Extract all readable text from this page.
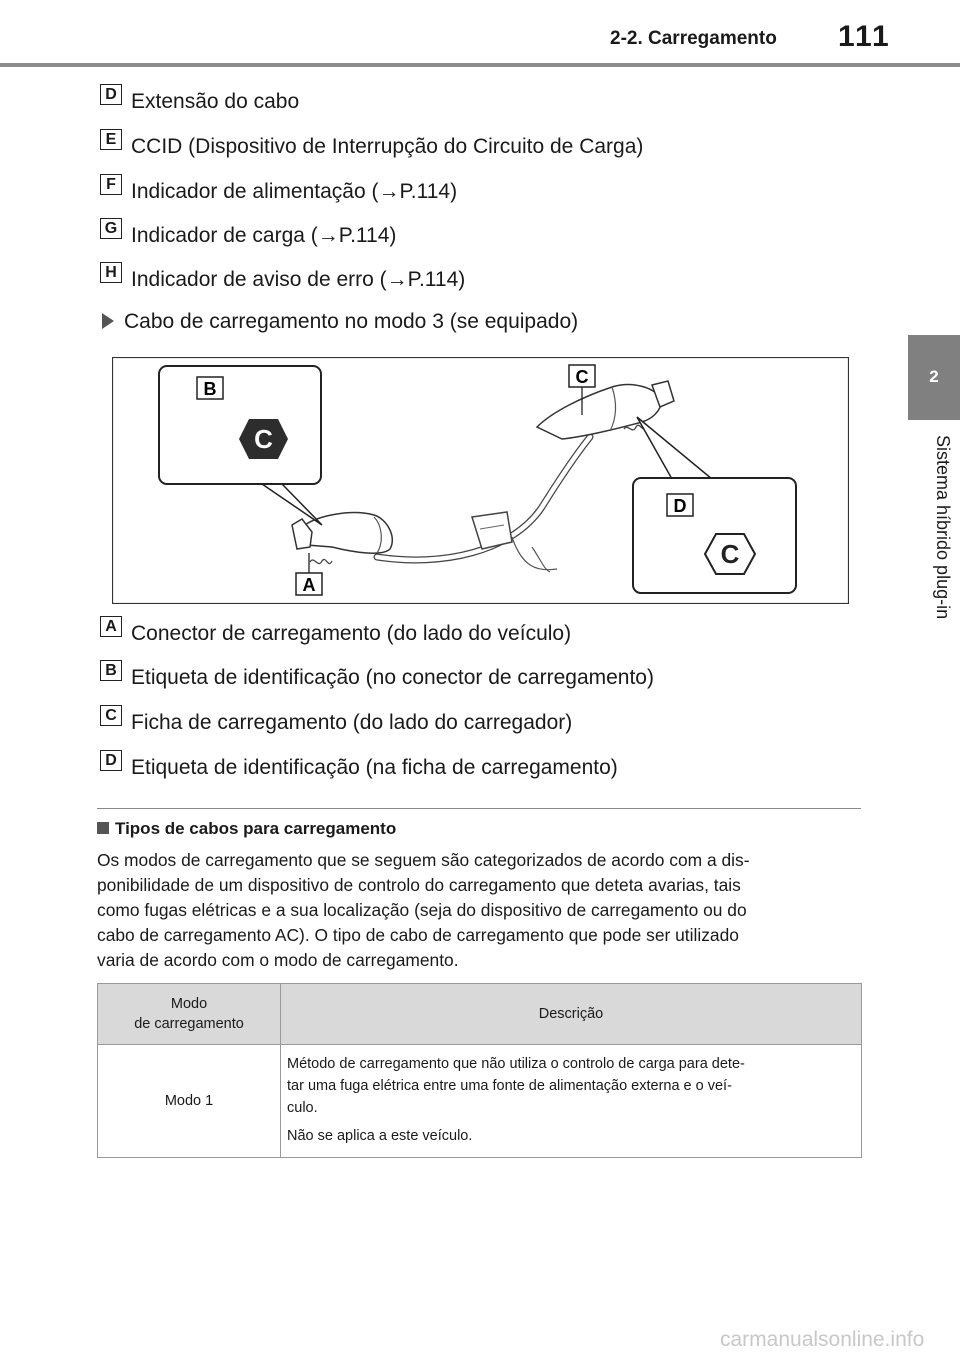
2-2. Carregamento 111
2
Sistema híbrido plug-in
D Extensão do cabo
E CCID (Dispositivo de Interrupção do Circuito de Carga)
F Indicador de alimentação (→P.114)
G Indicador de carga (→P.114)
H Indicador de aviso de erro (→P.114)
Cabo de carregamento no modo 3 (se equipado)
B
C
D
C
C
A
A Conector de carregamento (do lado do veículo)
B Etiqueta de identificação (no conector de carregamento)
C Ficha de carregamento (do lado do carregador)
D Etiqueta de identificação (na ficha de carregamento)
Tipos de cabos para carregamento
Os modos de carregamento que se seguem são categorizados de acordo com a dis-
ponibilidade de um dispositivo de controlo do carregamento que deteta avarias, tais
como fugas elétricas e a sua localização (seja do dispositivo de carregamento ou do
cabo de carregamento AC). O tipo de cabo de carregamento que pode ser utilizado
varia de acordo com o modo de carregamento.
Modo
de carregamento	Descrição
Modo 1	Método de carregamento que não utiliza o controlo de carga para dete-
tar uma fuga elétrica entre uma fonte de alimentação externa e o veí-
culo.

Não se aplica a este veículo.

carmanualsonline.info
